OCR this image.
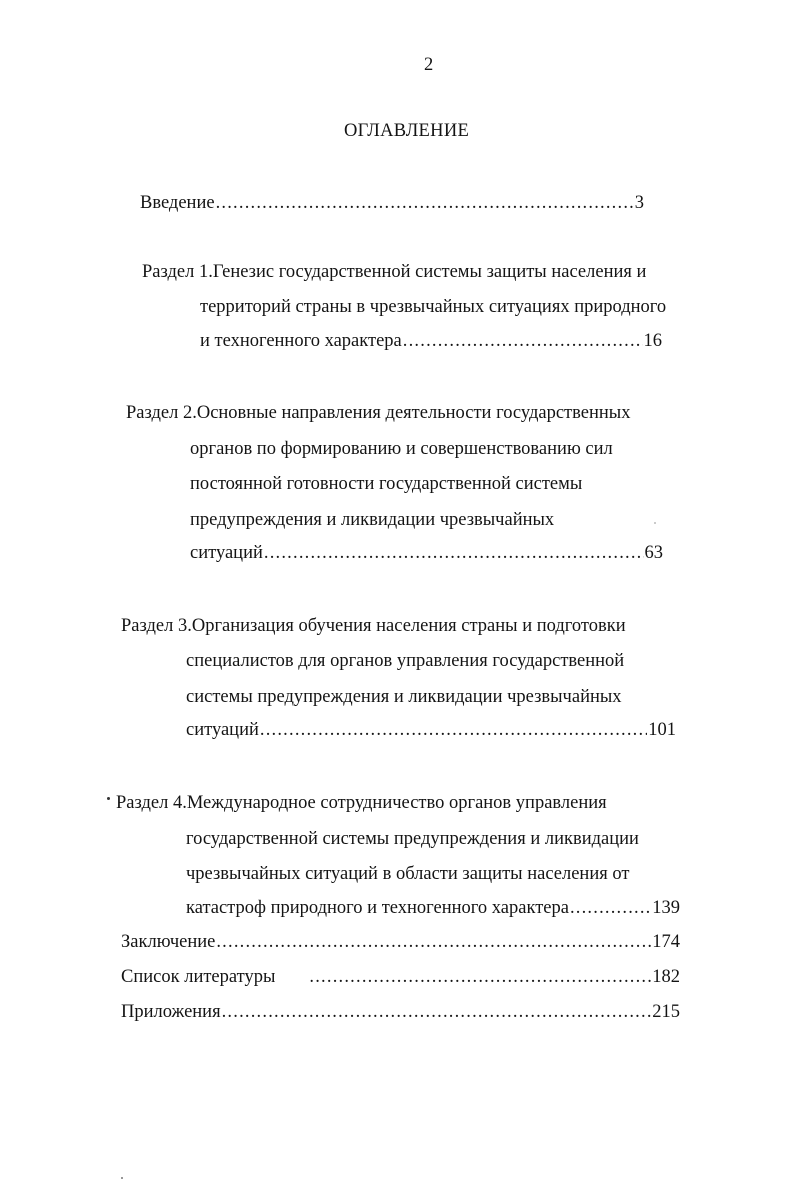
2
ОГЛАВЛЕНИЕ
Введение .....	3
Раздел 1.Генезис государственной системы защиты населения и
территорий страны в чрезвычайных ситуациях природного
и техногенного характера .....	16
Раздел 2.Основные направления деятельности государственных
органов по формированию и совершенствованию сил
постоянной готовности государственной системы
предупреждения и ликвидации чрезвычайных
ситуаций .....	63
Раздел 3.Организация обучения населения страны и подготовки
специалистов для органов управления государственной
системы предупреждения и ликвидации чрезвычайных
ситуаций .....	101
Раздел 4.Международное сотрудничество органов управления
государственной системы предупреждения и ликвидации
чрезвычайных ситуаций в области защиты населения от
катастроф природного и техногенного характера .....	139
Заключение .....	174
Список литературы .....	182
Приложения .....	215
